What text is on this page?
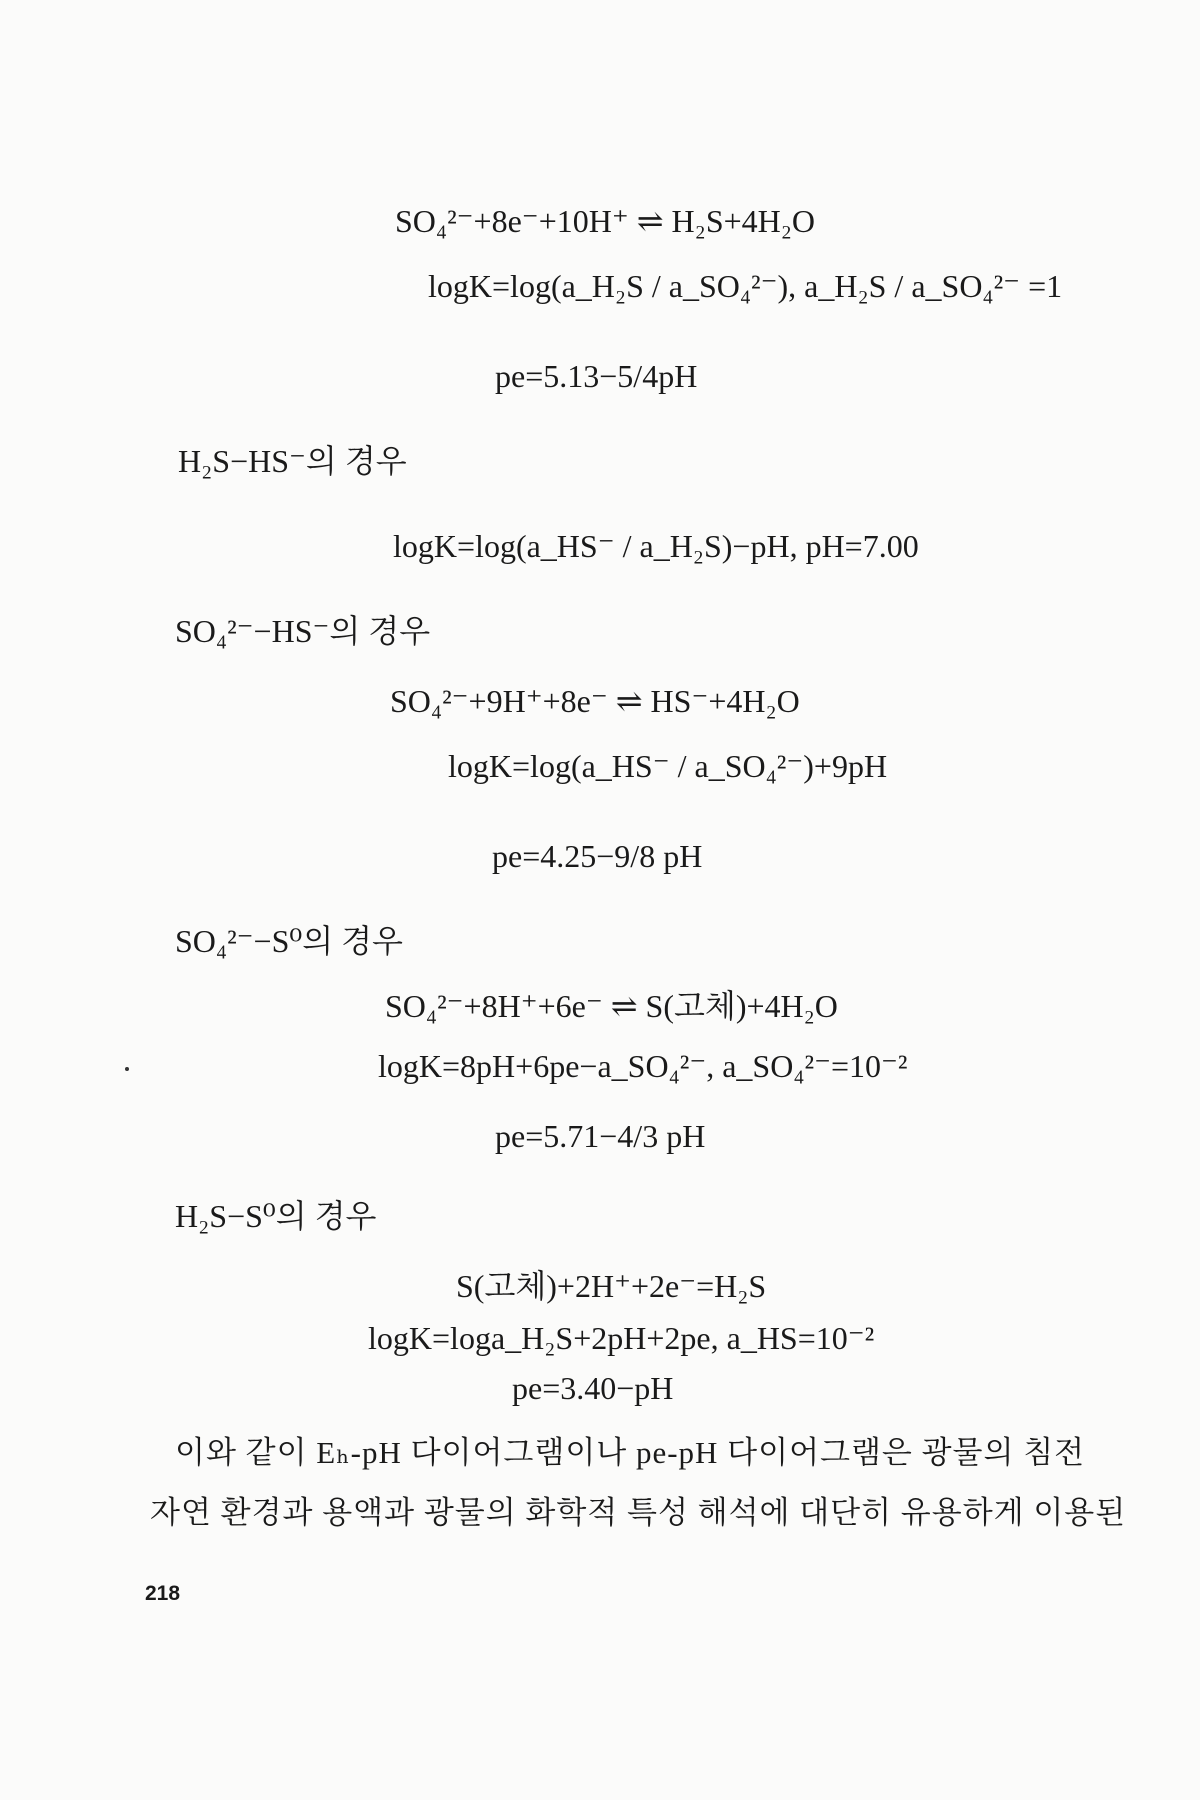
SO₄²⁻+8e⁻+10H⁺ ⇌ H₂S+4H₂O
logK=log(a_H₂S / a_SO₄²⁻), a_H₂S / a_SO₄²⁻ =1
pe=5.13−5/4pH
H₂S−HS⁻의 경우
logK=log(a_HS⁻ / a_H₂S)−pH, pH=7.00
SO₄²⁻−HS⁻의 경우
SO₄²⁻+9H⁺+8e⁻ ⇌ HS⁻+4H₂O
logK=log(a_HS⁻ / a_SO₄²⁻)+9pH
pe=4.25−9/8 pH
SO₄²⁻−S⁰의 경우
SO₄²⁻+8H⁺+6e⁻ ⇌ S(고체)+4H₂O
logK=8pH+6pe−a_SO₄²⁻, a_SO₄²⁻=10⁻²
pe=5.71−4/3 pH
H₂S−S⁰의 경우
S(고체)+2H⁺+2e⁻=H₂S
logK=loga_H₂S+2pH+2pe, a_HS=10⁻²
pe=3.40−pH
이와 같이 Eₕ-pH 다이어그램이나 pe-pH 다이어그램은 광물의 침전
자연 환경과 용액과 광물의 화학적 특성 해석에 대단히 유용하게 이용된
218
